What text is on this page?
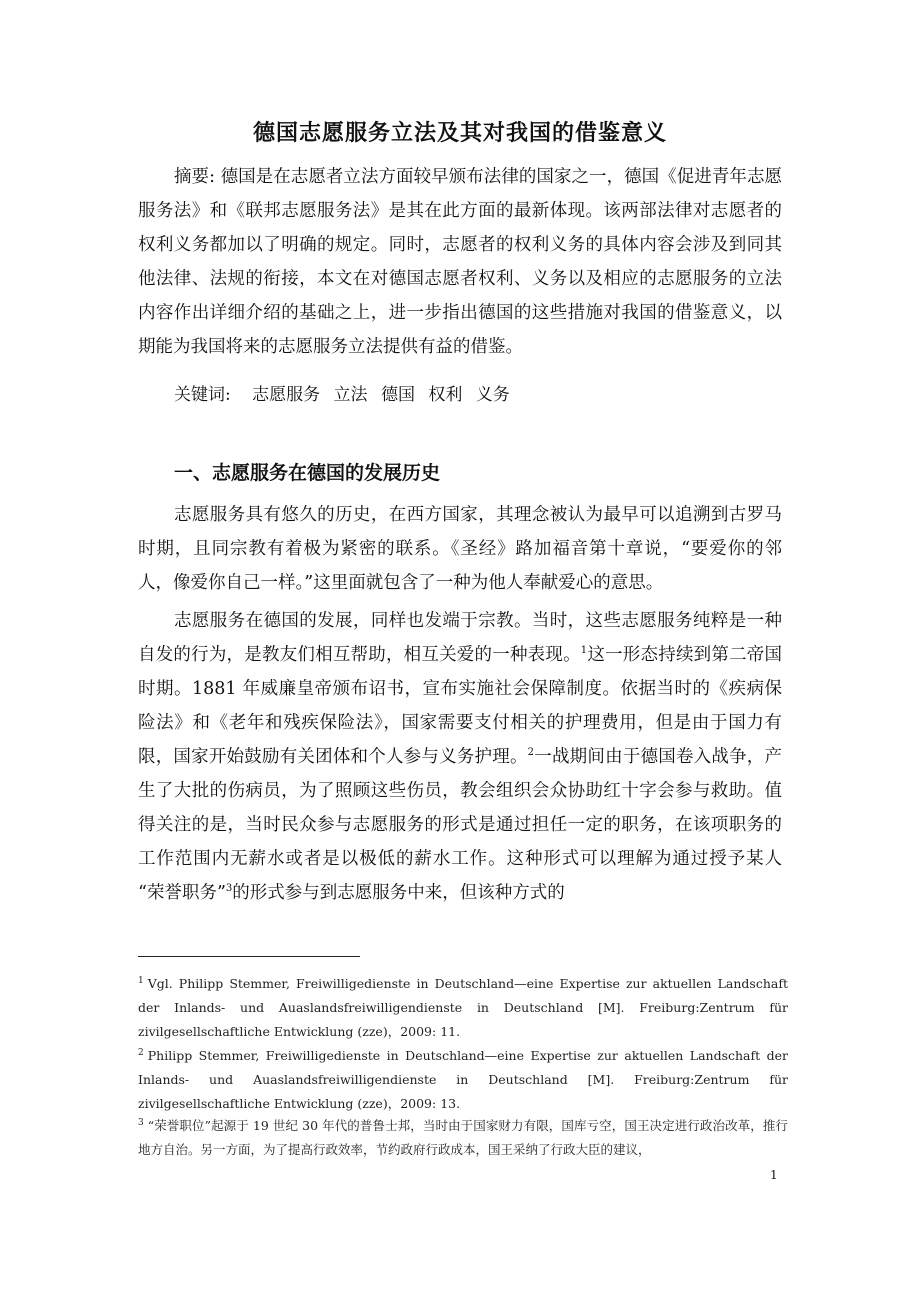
德国志愿服务立法及其对我国的借鉴意义

摘要: 德国是在志愿者立法方面较早颁布法律的国家之一，德国《促进青年志愿服务法》和《联邦志愿服务法》是其在此方面的最新体现。该两部法律对志愿者的权利义务都加以了明确的规定。同时，志愿者的权利义务的具体内容会涉及到同其他法律、法规的衔接，本文在对德国志愿者权利、义务以及相应的志愿服务的立法内容作出详细介绍的基础之上，进一步指出德国的这些措施对我国的借鉴意义，以期能为我国将来的志愿服务立法提供有益的借鉴。

关键词: 志愿服务 立法 德国 权利 义务
一、志愿服务在德国的发展历史

志愿服务具有悠久的历史，在西方国家，其理念被认为最早可以追溯到古罗马时期，且同宗教有着极为紧密的联系。《圣经》路加福音第十章说，“要爱你的邻人，像爱你自己一样。”这里面就包含了一种为他人奉献爱心的意思。

志愿服务在德国的发展，同样也发端于宗教。当时，这些志愿服务纯粹是一种自发的行为，是教友们相互帮助，相互关爱的一种表现。$^1$这一形态持续到第二帝国时期。1881 年威廉皇帝颁布诏书，宣布实施社会保障制度。依据当时的《疾病保险法》和《老年和残疾保险法》，国家需要支付相关的护理费用，但是由于国力有限，国家开始鼓励有关团体和个人参与义务护理。$^2$一战期间由于德国卷入战争，产生了大批的伤病员，为了照顾这些伤员，教会组织会众协助红十字会参与救助。值得关注的是，当时民众参与志愿服务的形式是通过担任一定的职务，在该项职务的工作范围内无薪水或者是以极低的薪水工作。这种形式可以理解为通过授予某人 “荣誉职务”$^3$的形式参与到志愿服务中来，但该种方式的

$^1$ Vgl. Philipp Stemmer, Freiwilligedienste in Deutschland—eine Expertise zur aktuellen Landschaft der Inlands- und Auaslandsfreiwilligendienste in Deutschland [M]. Freiburg:Zentrum für zivilgesellschaftliche Entwicklung (zze)，2009: 11.

$^2$ Philipp Stemmer, Freiwilligedienste in Deutschland—eine Expertise zur aktuellen Landschaft der Inlands- und Auaslandsfreiwilligendienste in Deutschland [M]. Freiburg:Zentrum für zivilgesellschaftliche Entwicklung (zze)，2009: 13.

$^3$ “荣誉职位”起源于 19 世纪 30 年代的普鲁士邦，当时由于国家财力有限，国库亏空，国王决定进行政治改革，推行地方自治。另一方面，为了提高行政效率，节约政府行政成本，国王采纳了行政大臣的建议，

1
